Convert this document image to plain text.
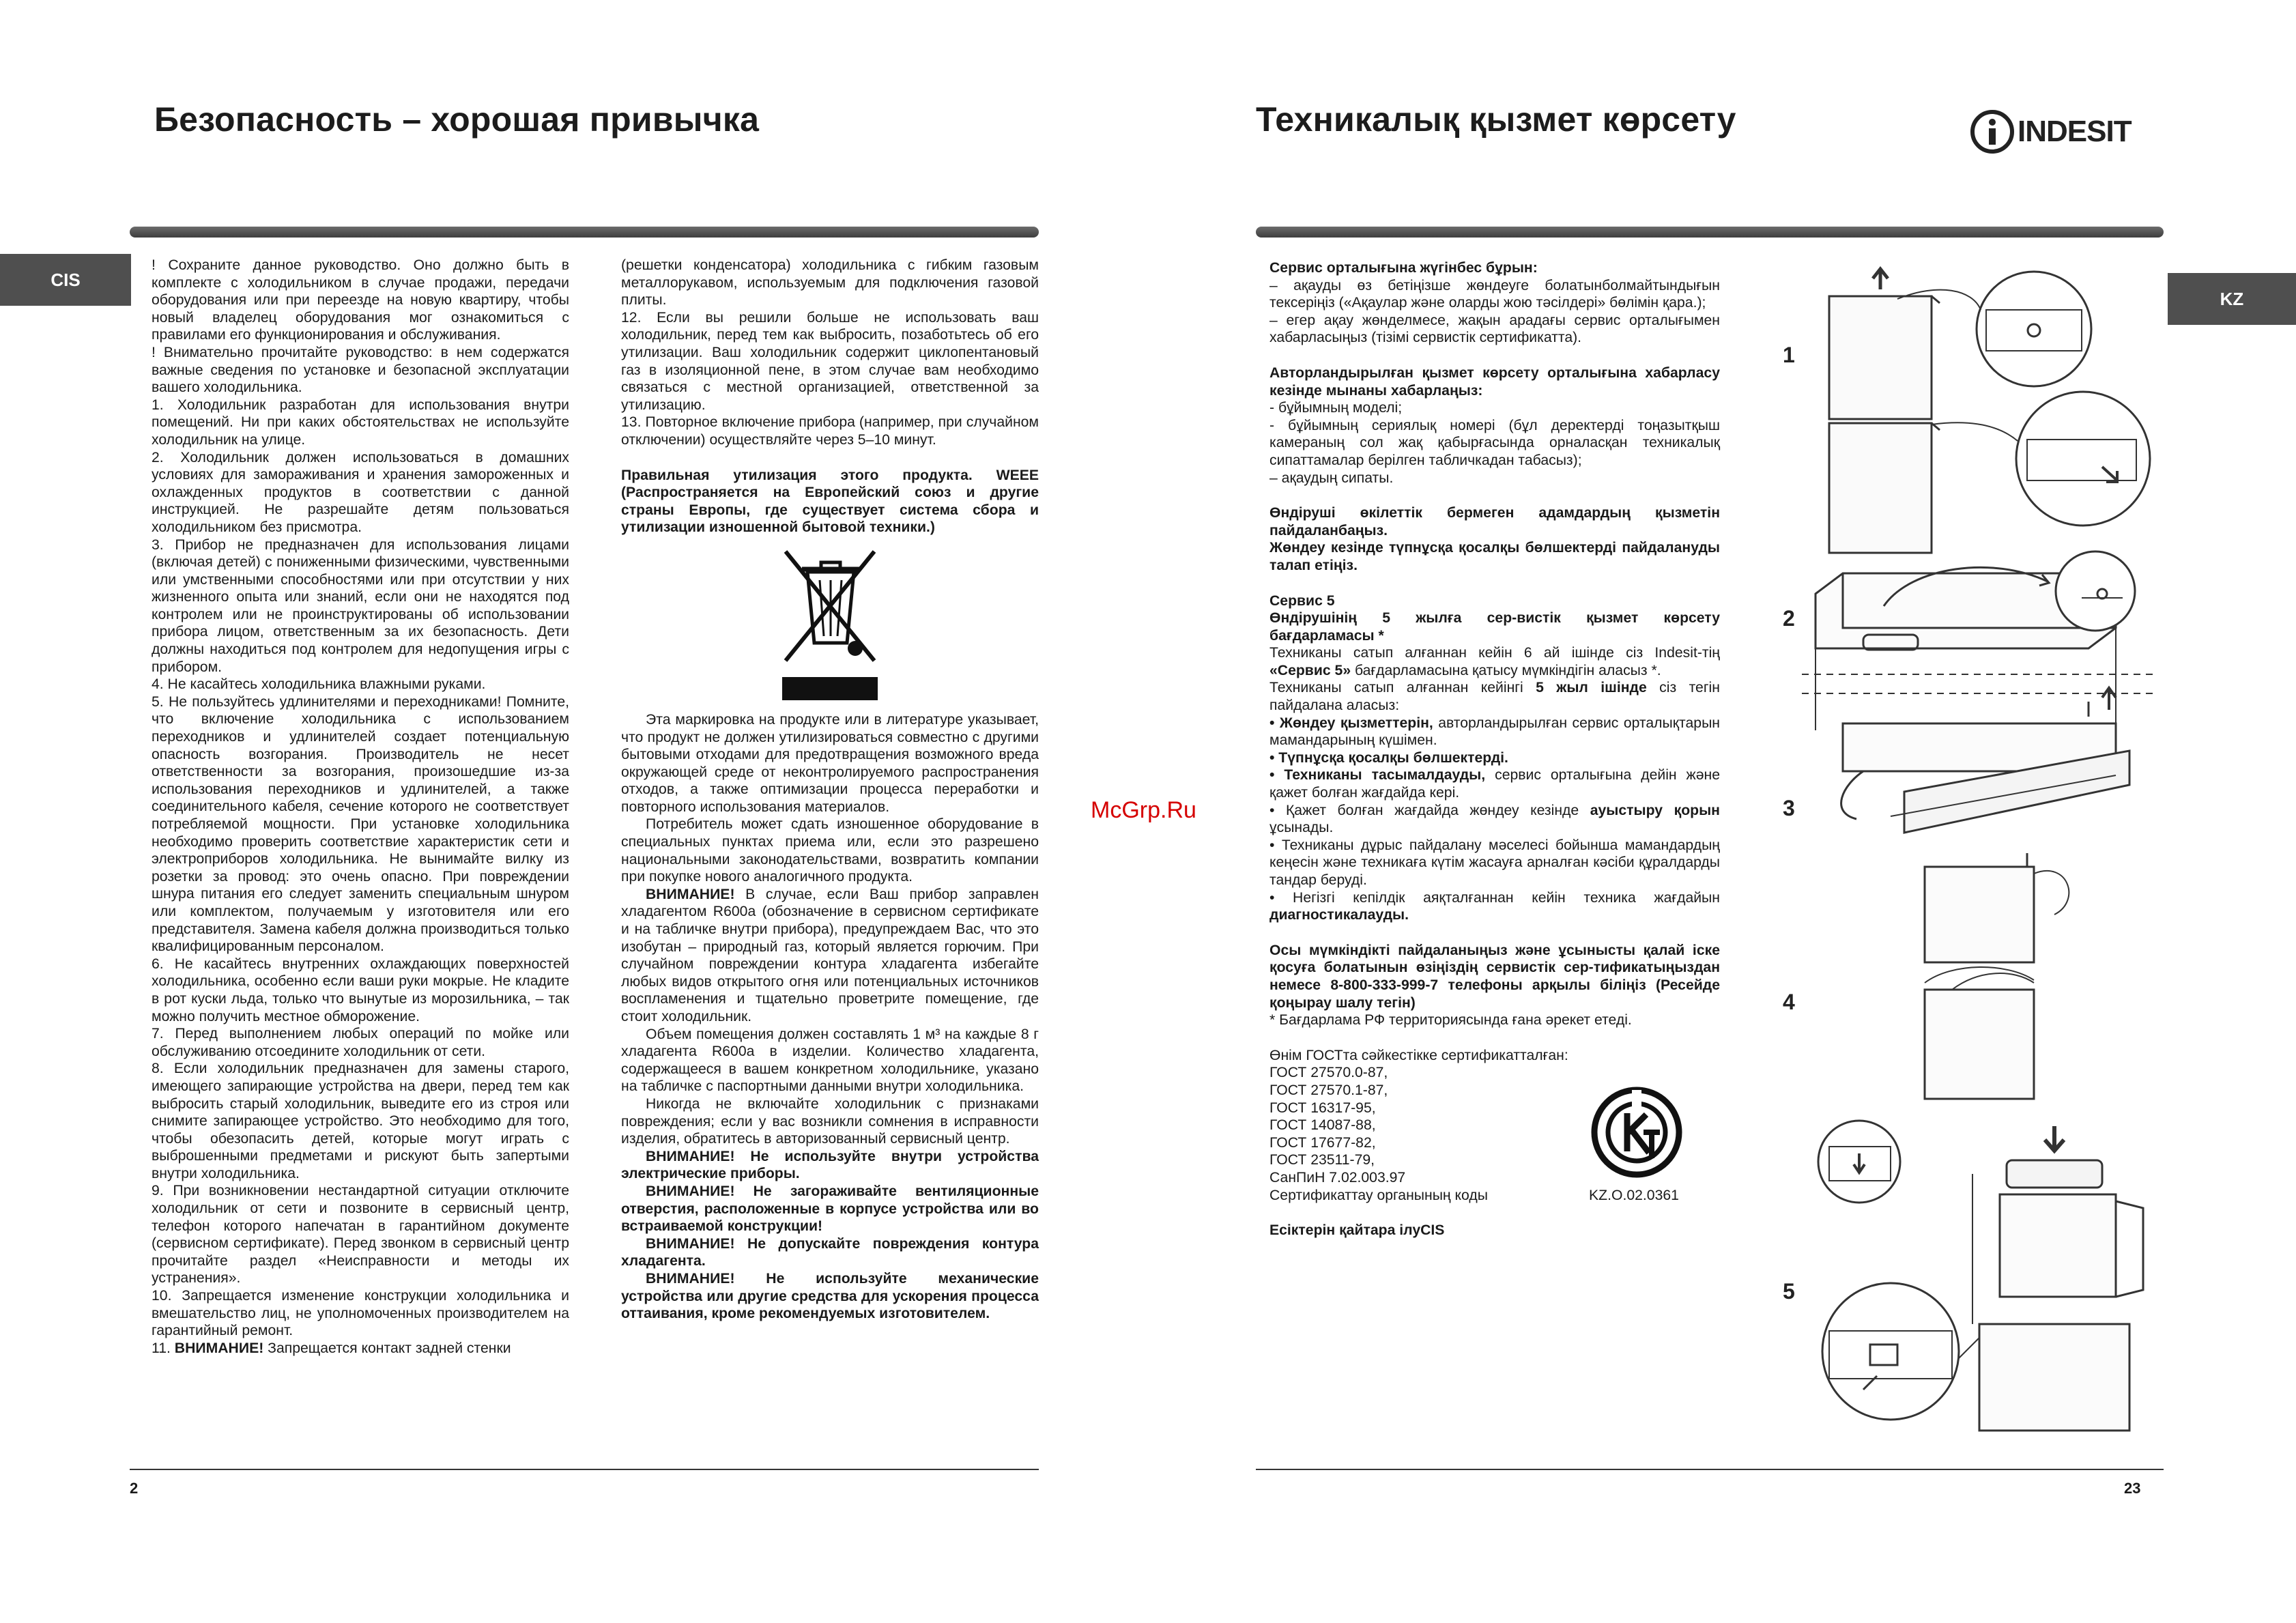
Безопасность – хорошая привычка
CIS

! Сохраните данное руководство. Оно должно быть в комплекте с холодильником в случае продажи, передачи оборудования или при переезде на новую квартиру, чтобы новый владелец оборудования мог ознакомиться с правилами его функционирования и обслуживания.

! Внимательно прочитайте руководство: в нем содержатся важные сведения по установке и безопасной эксплуатации вашего холодильника.

1. Холодильник разработан для использования внутри помещений. Ни при каких обстоятельствах не используйте холодильник на улице.

2. Холодильник должен использоваться в домашних условиях для замораживания и хранения замороженных и охлажденных продуктов в соответствии с данной инструкцией. Не разрешайте детям пользоваться холодильником без присмотра.

3. Прибор не предназначен для использования лицами (включая детей) с пониженными физическими, чувственными или умственными способностями или при отсутствии у них жизненного опыта или знаний, если они не находятся под контролем или не проинструктированы об использовании прибора лицом, ответственным за их безопасность. Дети должны находиться под контролем для недопущения игры с прибором.

4. Не касайтесь холодильника влажными руками.

5. Не пользуйтесь удлинителями и переходниками! Помните, что включение холодильника с использованием переходников и удлинителей создает потенциальную опасность возгорания. Производитель не несет ответственности за возгорания, произошедшие из-за использования переходников и удлинителей, а также соединительного кабеля, сечение которого не соответствует потребляемой мощности. При установке холодильника необходимо проверить соответствие характеристик сети и электроприборов холодильника. Не вынимайте вилку из розетки за провод: это очень опасно. При повреждении шнура питания его следует заменить специальным шнуром или комплектом, получаемым у изготовителя или его представителя. Замена кабеля должна производиться только квалифицированным персоналом.

6. Не касайтесь внутренних охлаждающих поверхностей холодильника, особенно если ваши руки мокрые. Не кладите в рот куски льда, только что вынутые из морозильника, – так можно получить местное обморожение.

7. Перед выполнением любых операций по мойке или обслуживанию отсоедините холодильник от сети.

8. Если холодильник предназначен для замены старого, имеющего запирающие устройства на двери, перед тем как выбросить старый холодильник, выведите его из строя или снимите запирающее устройство. Это необходимо для того, чтобы обезопасить детей, которые могут играть с выброшенными предметами и рискуют быть запертыми внутри холодильника.

9. При возникновении нестандартной ситуации отключите холодильник от сети и позвоните в сервисный центр, телефон которого напечатан в гарантийном документе (сервисном сертификате). Перед звонком в сервисный центр прочитайте раздел «Неисправности и методы их устранения».

10. Запрещается изменение конструкции холодильника и вмешательство лиц, не уполномоченных производителем на гарантийный ремонт.

11. ВНИМАНИЕ! Запрещается контакт задней стенки

(решетки конденсатора) холодильника с гибким газовым металлорукавом, используемым для подключения газовой плиты.

12. Если вы решили больше не использовать ваш холодильник, перед тем как выбросить, позаботьтесь об его утилизации. Ваш холодильник содержит циклопентановый газ в изоляционной пене, в этом случае вам необходимо связаться с местной организацией, ответственной за утилизацию.

13. Повторное включение прибора (например, при случайном отключении) осуществляйте через 5–10 минут.

Правильная утилизация этого продукта. WEEE (Распространяется на Европейский союз и другие страны Европы, где существует система сбора и утилизации изношенной бытовой техники.)

Эта маркировка на продукте или в литературе указывает, что продукт не должен утилизироваться совместно с другими бытовыми отходами для предотвращения возможного вреда окружающей среде от неконтролируемого распространения отходов, а также оптимизации процесса переработки и повторного использования материалов.

Потребитель может сдать изношенное оборудование в специальных пунктах приема или, если это разрешено национальными законодательствами, возвратить компании при покупке нового аналогичного продукта.

ВНИМАНИЕ! В случае, если Ваш прибор заправлен хладагентом R600a (обозначение в сервисном сертификате и на табличке внутри прибора), предупреждаем Вас, что это изобутан – природный газ, который является горючим. При случайном повреждении контура хладагента избегайте любых видов открытого огня или потенциальных источников воспламенения и тщательно проветрите помещение, где стоит холодильник.

Объем помещения должен составлять 1 м³ на каждые 8 г хладагента R600a в изделии. Количество хладагента, содержащееся в вашем конкретном холодильнике, указано на табличке с паспортными данными внутри холодильника.

Никогда не включайте холодильник с признаками повреждения; если у вас возникли сомнения в исправности изделия, обратитесь в авторизованный сервисный центр.

ВНИМАНИЕ! Не используйте внутри устройства электрические приборы.

ВНИМАНИЕ! Не загораживайте вентиляционные отверстия, расположенные в корпусе устройства или во встраиваемой конструкции!

ВНИМАНИЕ! Не допускайте повреждения контура хладагента.

ВНИМАНИЕ! Не используйте механические устройства или другие средства для ускорения процесса оттаивания, кроме рекомендуемых изготовителем.

2
McGrp.Ru
Техникалық қызмет көрсету	INDESIT
KZ

Сервис орталығына жүгінбес бұрын:

– ақауды өз бетіңізше жөндеуге болатынболмайтындығын тексеріңіз («Ақаулар және оларды жою тәсілдері» бөлімін қара.);

– егер ақау жөнделмесе, жақын арадағы сервис орталығымен хабарласыңыз (тізімі сервистік сертификатта).

Авторландырылған қызмет көрсету орталығына хабарласу кезінде мынаны хабарлаңыз:

- бұйымның моделі;

- бұйымның сериялық номері (бұл деректерді тоңазытқыш камераның сол жақ қабырғасында орналасқан техникалық сипаттамалар берілген табличкадан табасыз);

– ақаудың сипаты.

Өндіруші өкілеттік бермеген адамдардың қызметін пайдаланбаңыз.

Жөндеу кезінде түпнұсқа қосалқы бөлшектерді пайдалануды талап етіңіз.

Сервис 5

Өндірушінің 5 жылға сер-вистік қызмет көрсету бағдарламасы *

Техниканы сатып алғаннан кейін 6 ай ішінде сіз Indesit-тің «Сервис 5» бағдарламасына қатысу мүмкіндігін аласыз *.

Техниканы сатып алғаннан кейінгі 5 жыл ішінде сіз тегін пайдалана аласыз:

• Жөндеу қызметтерін, авторландырылған сервис орталықтарын мамандарының күшімен.

• Түпнұсқа қосалқы бөлшектерді.

• Техниканы тасымалдауды, сервис орталығына дейін және қажет болған жағдайда кері.

• Қажет болған жағдайда жөндеу кезінде ауыстыру қорын ұсынады.

• Техниканы дұрыс пайдалану мәселесі бойынша мамандардың кеңесін және техникаға күтім жасауға арналған кәсіби құралдарды тандар беруді.

• Негізгі кепілдік аяқталғаннан кейін техника жағдайын диагностикалауды.

Осы мүмкіндікті пайдаланыңыз және ұсынысты қалай іске қосуға болатынын өзіңіздің сервистік сер-тификатыңыздан немесе 8-800-333-999-7 телефоны арқылы біліңіз (Ресейде қоңырау шалу тегін)

* Бағдарлама РФ территориясында ғана әрекет етеді.

Өнім ГОСТта сәйкестікке сертификатталған:

ГОСТ 27570.0-87,

ГОСТ 27570.1-87,

ГОСТ 16317-95,

ГОСТ 14087-88,

ГОСТ 17677-82,

ГОСТ 23511-79,

СанПиН 7.02.003.97

Сертификаттау органының коды	KZ.O.02.0361

Есіктерін қайтара ілуCIS

1
2
3
4
5
23
